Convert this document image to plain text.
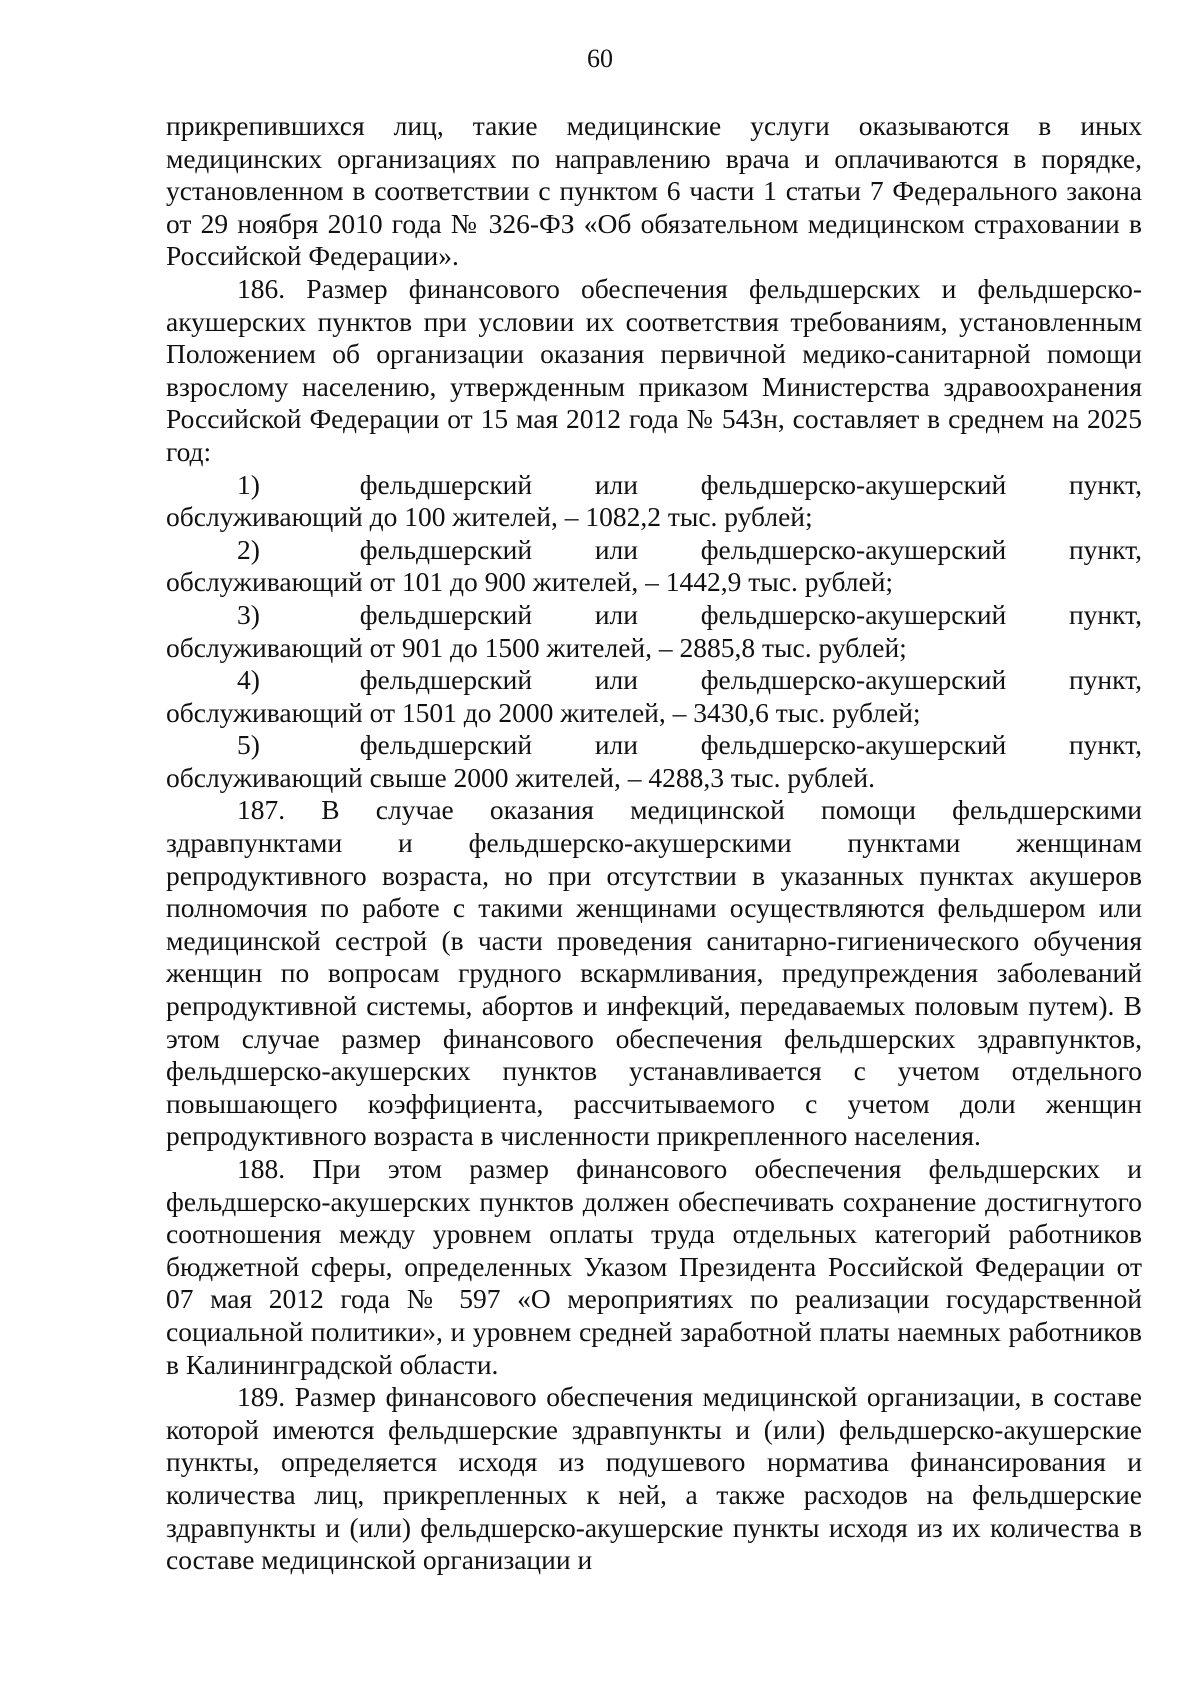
60

прикрепившихся лиц, такие медицинские услуги оказываются в иных медицинских организациях по направлению врача и оплачиваются в порядке, установленном в соответствии с пунктом 6 части 1 статьи 7 Федерального закона от 29 ноября 2010 года № 326-ФЗ «Об обязательном медицинском страховании в Российской Федерации».

186. Размер финансового обеспечения фельдшерских и фельдшерско-акушерских пунктов при условии их соответствия требованиям, установленным Положением об организации оказания первичной медико-санитарной помощи взрослому населению, утвержденным приказом Министерства здравоохранения Российской Федерации от 15 мая 2012 года № 543н, составляет в среднем на 2025 год:

1)	фельдшерский или фельдшерско-акушерский пункт,

обслуживающий до 100 жителей, – 1082,2 тыс. рублей;

2)	фельдшерский или фельдшерско-акушерский пункт,

обслуживающий от 101 до 900 жителей, – 1442,9 тыс. рублей;

3)	фельдшерский или фельдшерско-акушерский пункт,

обслуживающий от 901 до 1500 жителей, – 2885,8 тыс. рублей;

4)	фельдшерский или фельдшерско-акушерский пункт,

обслуживающий от 1501 до 2000 жителей, – 3430,6 тыс. рублей;

5)	фельдшерский или фельдшерско-акушерский пункт,

обслуживающий свыше 2000 жителей, – 4288,3 тыс. рублей.

187. В случае оказания медицинской помощи фельдшерскими здравпунктами и фельдшерско-акушерскими пунктами женщинам репродуктивного возраста, но при отсутствии в указанных пунктах акушеров полномочия по работе с такими женщинами осуществляются фельдшером или медицинской сестрой (в части проведения санитарно-гигиенического обучения женщин по вопросам грудного вскармливания, предупреждения заболеваний репродуктивной системы, абортов и инфекций, передаваемых половым путем). В этом случае размер финансового обеспечения фельдшерских здравпунктов, фельдшерско-акушерских пунктов устанавливается с учетом отдельного повышающего коэффициента, рассчитываемого с учетом доли женщин репродуктивного возраста в численности прикрепленного населения.

188. При этом размер финансового обеспечения фельдшерских и фельдшерско-акушерских пунктов должен обеспечивать сохранение достигнутого соотношения между уровнем оплаты труда отдельных категорий работников бюджетной сферы, определенных Указом Президента Российской Федерации от 07 мая 2012 года № 597 «О мероприятиях по реализации государственной социальной политики», и уровнем средней заработной платы наемных работников в Калининградской области.

189. Размер финансового обеспечения медицинской организации, в составе которой имеются фельдшерские здравпункты и (или) фельдшерско-акушерские пункты, определяется исходя из подушевого норматива финансирования и количества лиц, прикрепленных к ней, а также расходов на фельдшерские здравпункты и (или) фельдшерско-акушерские пункты исходя из их количества в составе медицинской организации и
